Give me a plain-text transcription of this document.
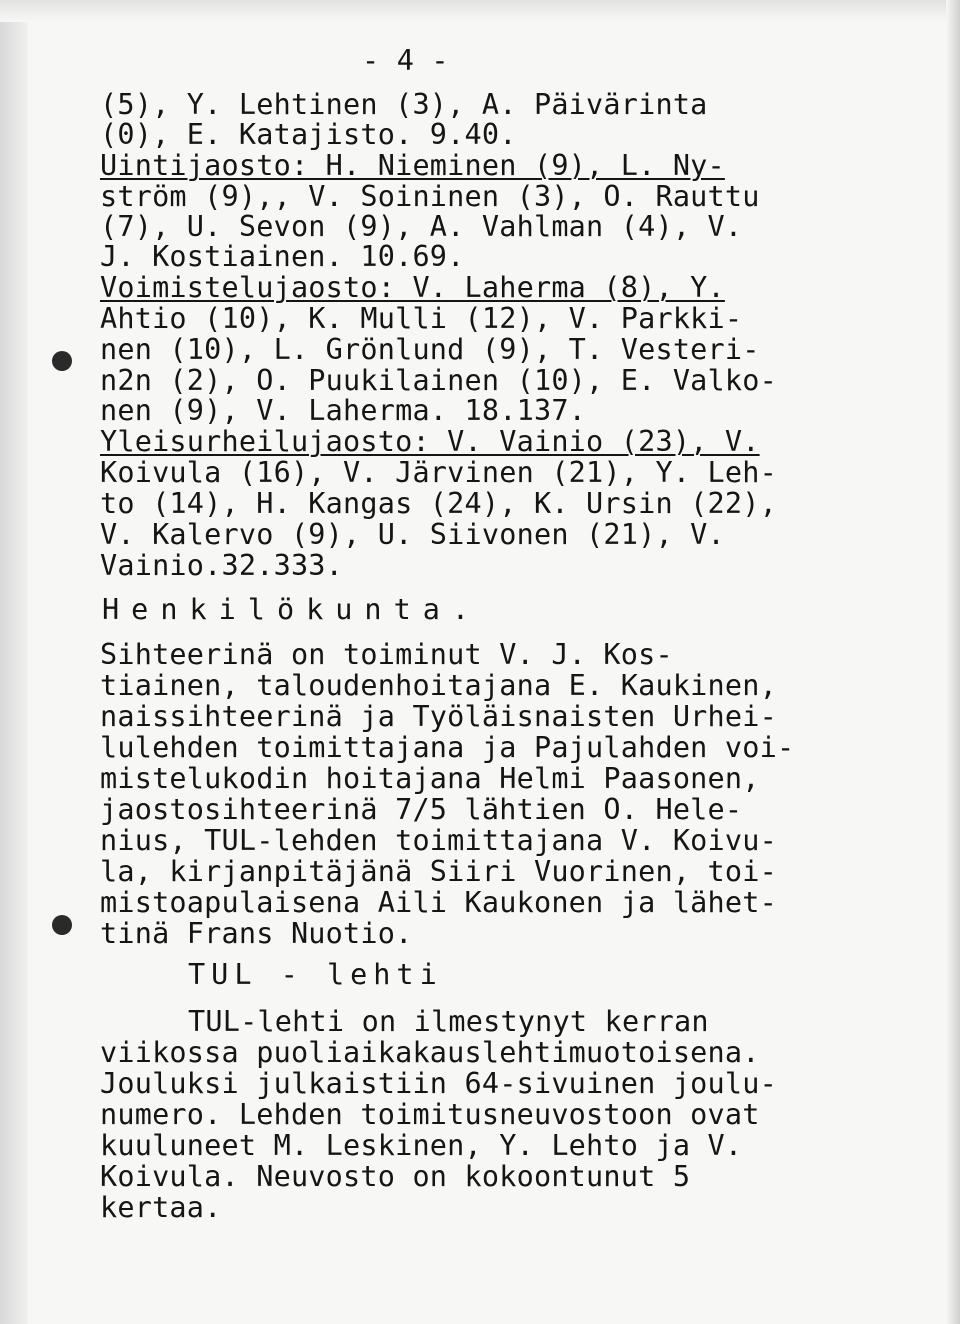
- 4 -
(5), Y. Lehtinen (3), A. Päivärinta
(0), E. Katajisto. 9.40.
Uintijaosto: H. Nieminen (9), L. Ny-
ström (9),, V. Soininen (3), O. Rauttu
(7), U. Sevon (9), A. Vahlman (4), V.
J. Kostiainen. 10.69.
Voimistelujaosto: V. Laherma (8), Y.
Ahtio (10), K. Mulli (12), V. Parkki-
nen (10), L. Grönlund (9), T. Vesteri-
n2n (2), O. Puukilainen (10), E. Valko-
nen (9), V. Laherma. 18.137.
Yleisurheilujaosto: V. Vainio (23), V.
Koivula (16), V. Järvinen (21), Y. Leh-
to (14), H. Kangas (24), K. Ursin (22),
V. Kalervo (9), U. Siivonen (21), V.
Vainio.32.333.
Henkilökunta.
Sihteerinä on toiminut V. J. Kos-
tiainen, taloudenhoitajana E. Kaukinen,
naissihteerinä ja Työläisnaisten Urhei-
lulehden toimittajana ja Pajulahden voi-
mistelukodin hoitajana Helmi Paasonen,
jaostosihteerinä 7/5 lähtien O. Hele-
nius, TUL-lehden toimittajana V. Koivu-
la, kirjanpitäjänä Siiri Vuorinen, toi-
mistoapulaisena Aili Kaukonen ja lähet-
tinä Frans Nuotio.
TUL - lehti
TUL-lehti on ilmestynyt kerran
viikossa puoliaikakauslehtimuotoisena.
Jouluksi julkaistiin 64-sivuinen joulu-
numero. Lehden toimitusneuvostoon ovat
kuuluneet M. Leskinen, Y. Lehto ja V.
Koivula. Neuvosto on kokoontunut 5
kertaa.
